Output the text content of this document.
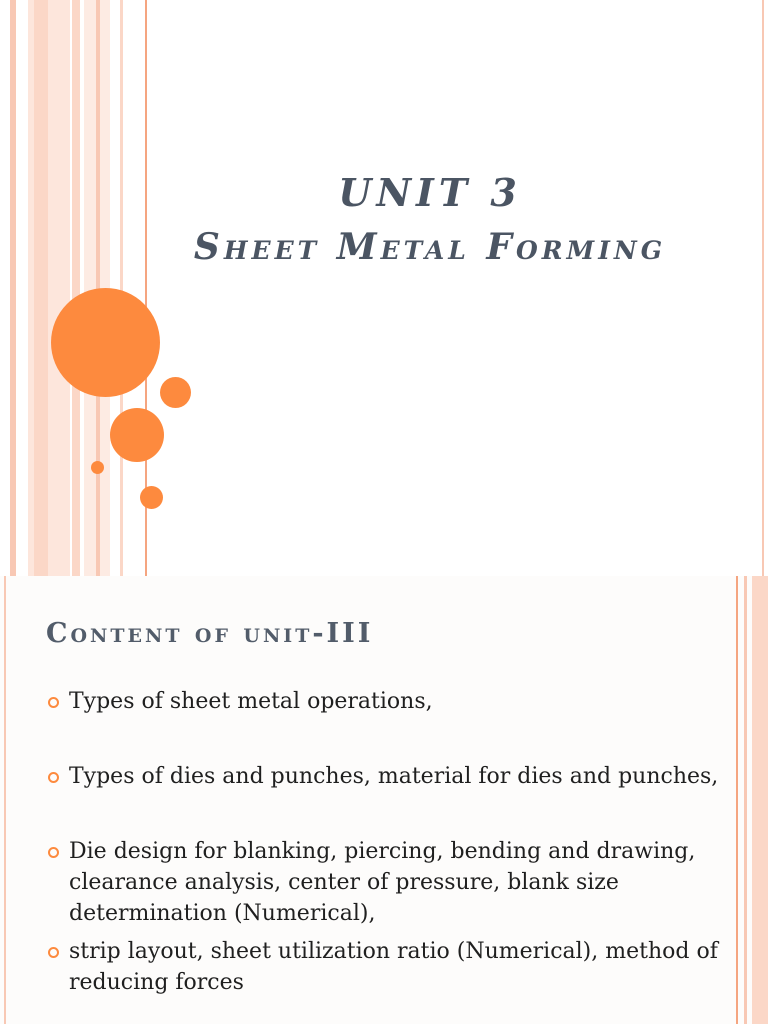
UNIT 3
Sheet Metal Forming
Content of unit-III
Types of sheet metal operations,
Types of dies and punches, material for dies and punches,
Die design for blanking, piercing, bending and drawing, clearance analysis, center of pressure, blank size determination (Numerical),
strip layout, sheet utilization ratio (Numerical), method of reducing forces
